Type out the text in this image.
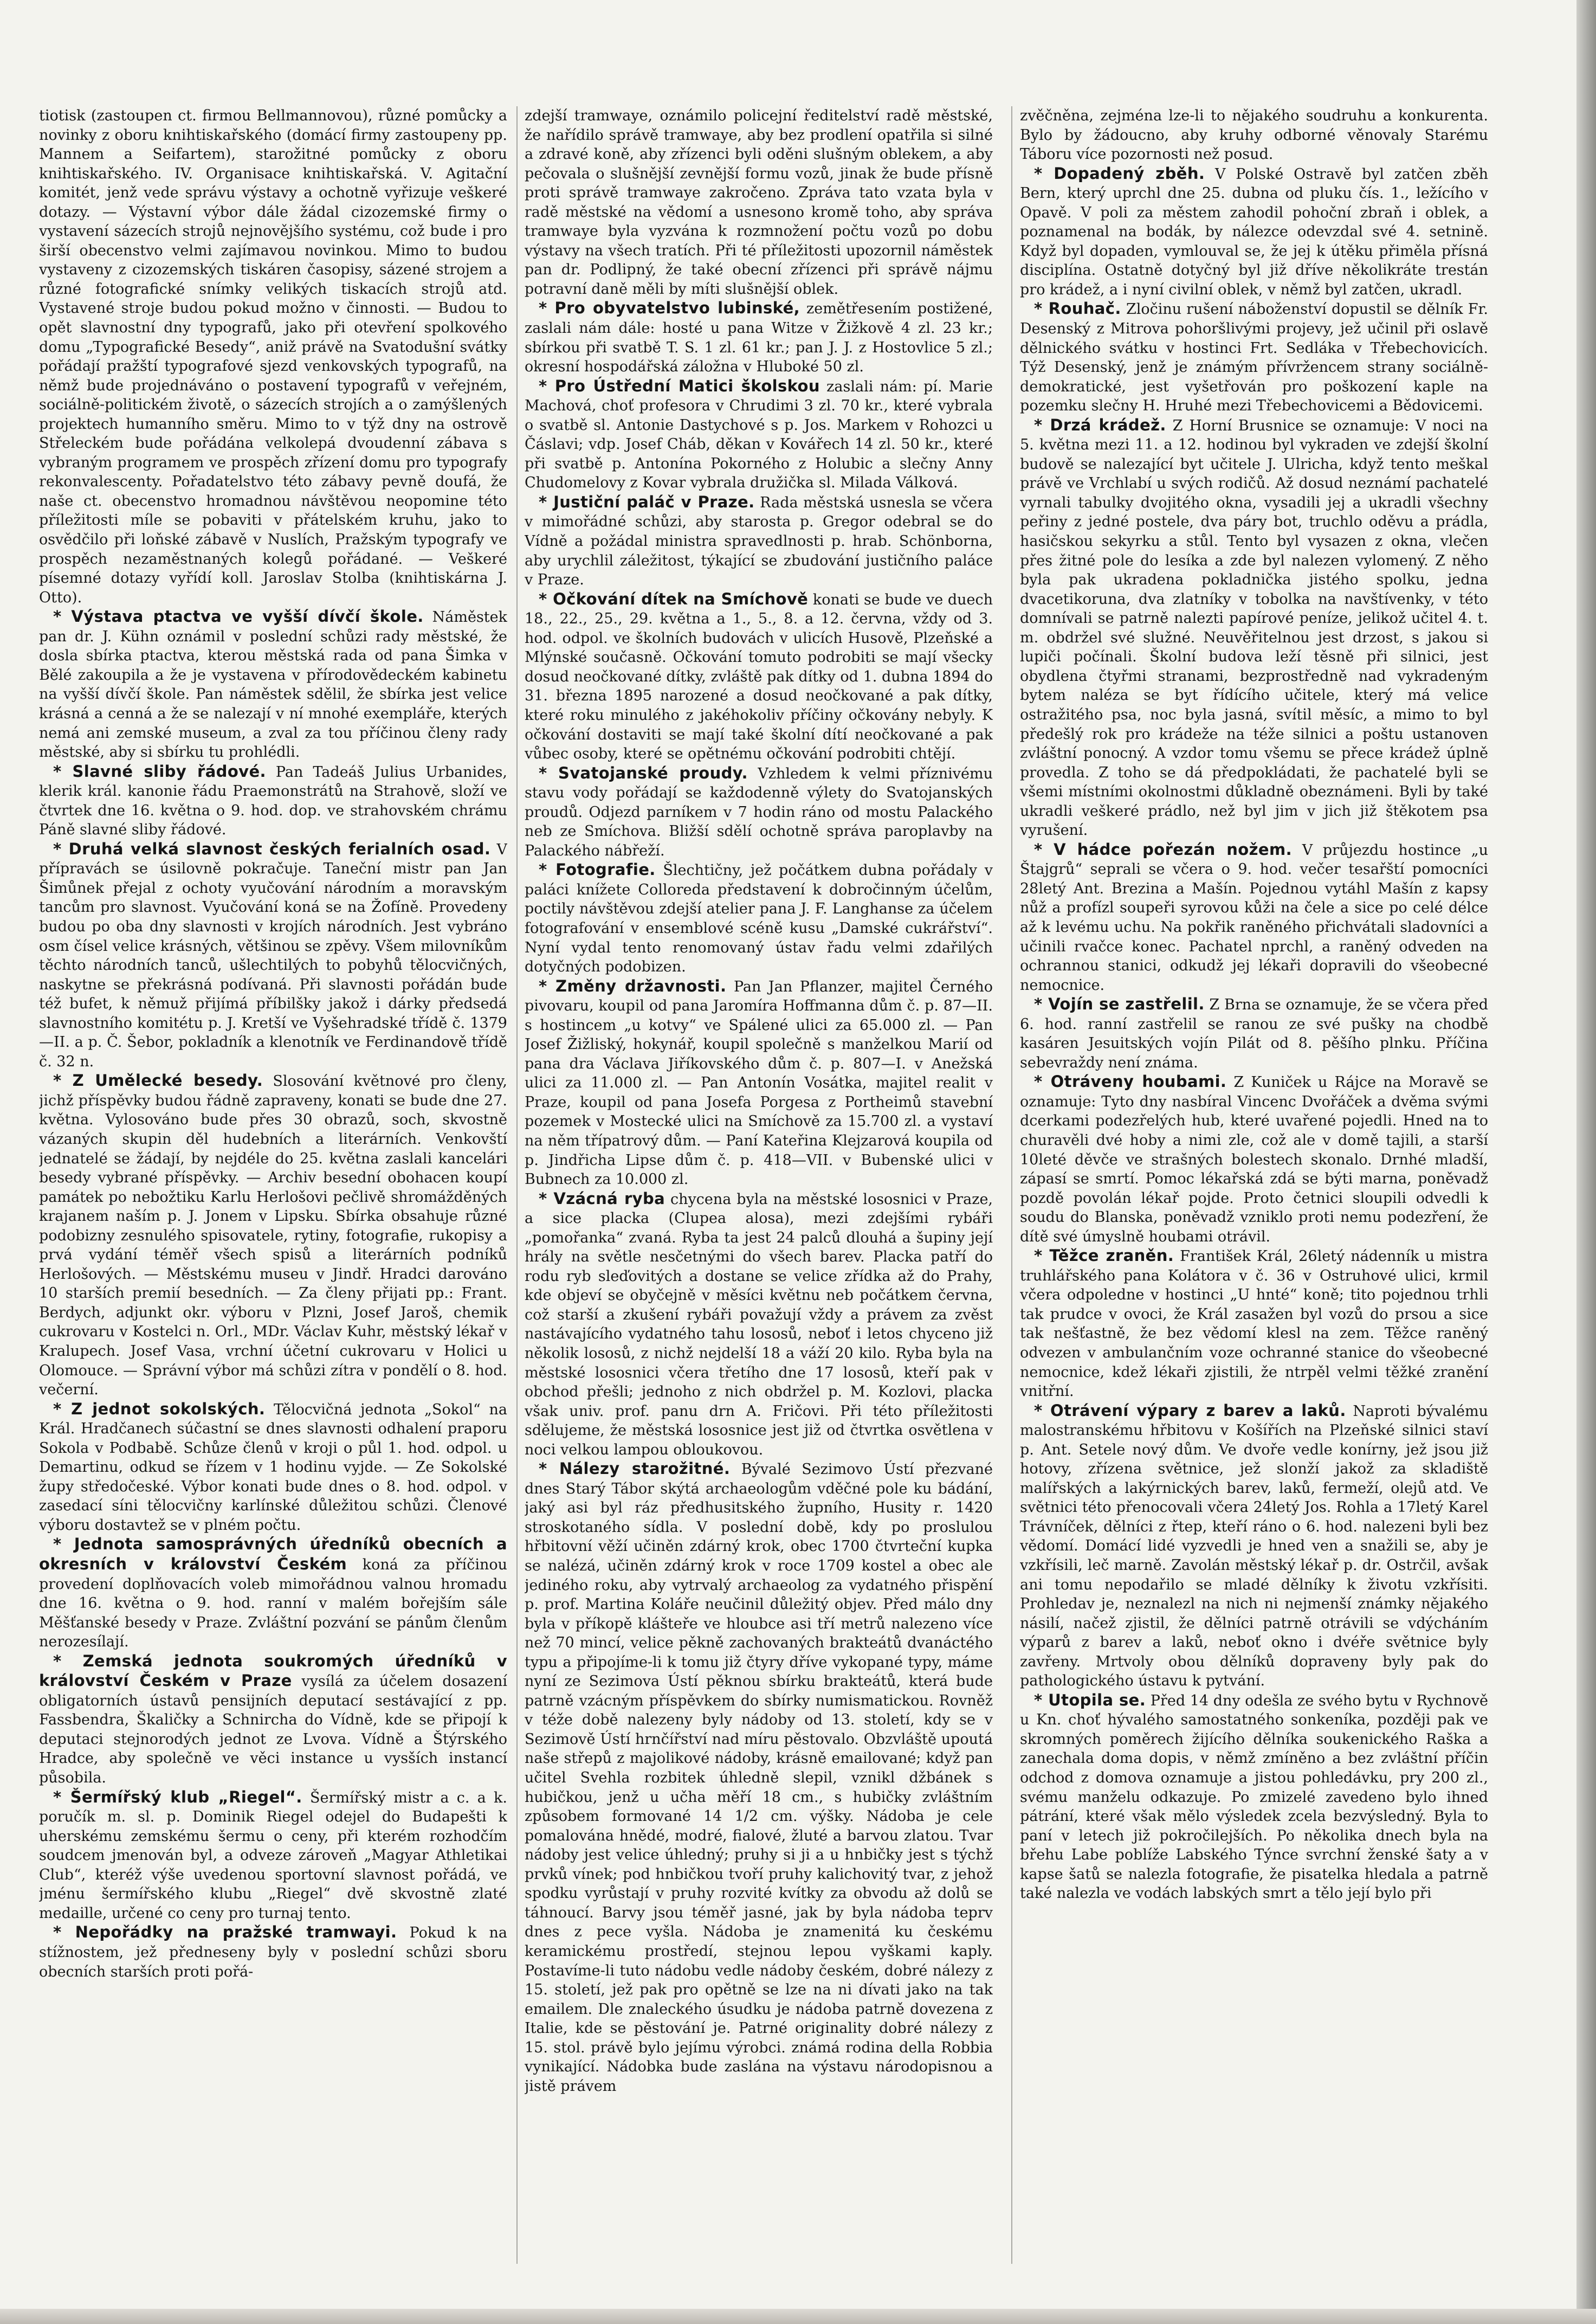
tiotisk (zastoupen ct. firmou Bellmannovou), různé pomůcky a novinky z oboru knihtiskařského (domácí firmy zastoupeny pp. Mannem a Seifartem), starožitné pomůcky z oboru knihtiskařského. IV. Organisace knihtiskařská. V. Agitační komitét, jenž vede správu výstavy a ochotně vyřizuje veškeré dotazy. — Výstavní výbor dále žádal cizozemské firmy o vystavení sázecích strojů nejnovějšího systému, což bude i pro širší obecenstvo velmi zajímavou novinkou. Mimo to budou vystaveny z cizozemských tiskáren časopisy, sázené strojem a různé fotografické snímky velikých tiskacích strojů atd. Vystavené stroje budou pokud možno v činnosti. — Budou to opět slavnostní dny typografů, jako při otevření spolkového domu „Typografické Besedy“, aniž právě na Svatodušní svátky pořádají pražští typografové sjezd venkovských typografů, na němž bude projednáváno o postavení typografů v veřejném, sociálně-politickém životě, o sázecích strojích a o zamýšlených projektech humanního směru. Mimo to v týž dny na ostrově Střeleckém bude pořádána velkolepá dvoudenní zábava s vybraným programem ve prospěch zřízení domu pro typografy rekonvalescenty. Pořadatelstvo této zábavy pevně doufá, že naše ct. obecenstvo hromadnou návštěvou neopomine této příležitosti míle se pobaviti v přátelském kruhu, jako to osvědčilo při loňské zábavě v Nuslích, Pražským typografy ve prospěch nezaměstnaných kolegů pořádané. — Veškeré písemné dotazy vyřídí koll. Jaroslav Stolba (knihtiskárna J. Otto).

* Výstava ptactva ve vyšší dívčí škole. Náměstek pan dr. J. Kühn oznámil v poslední schůzi rady městské, že dosla sbírka ptactva, kterou městská rada od pana Šimka v Bělé zakoupila a že je vystavena v přírodovědeckém kabinetu na vyšší dívčí škole. Pan náměstek sdělil, že sbírka jest velice krásná a cenná a že se nalezají v ní mnohé exempláře, kterých nemá ani zemské museum, a zval za tou příčinou členy rady městské, aby si sbírku tu prohlédli.

* Slavné sliby řádové. Pan Tadeáš Julius Urbanides, klerik král. kanonie řádu Praemonstrátů na Strahově, složí ve čtvrtek dne 16. května o 9. hod. dop. ve strahovském chrámu Páně slavné sliby řádové.

* Druhá velká slavnost českých ferialních osad. V přípravách se úsilovně pokračuje. Taneční mistr pan Jan Šimůnek přejal z ochoty vyučování národním a moravským tancům pro slavnost. Vyučování koná se na Žofíně. Provedeny budou po oba dny slavnosti v krojích národních. Jest vybráno osm čísel velice krásných, většinou se zpěvy. Všem milovníkům těchto národních tanců, ušlechtilých to pobyhů tělocvičných, naskytne se překrásná podívaná. Při slavnosti pořádán bude též bufet, k němuž přijímá příbilšky jakož i dárky předsedá slavnostního komitétu p. J. Kretší ve Vyšehradské třídě č. 1379—II. a p. Č. Šebor, pokladník a klenotník ve Ferdinandově třídě č. 32 n.

* Z Umělecké besedy. Slosování květnové pro členy, jichž příspěvky budou řádně zapraveny, konati se bude dne 27. května. Vylosováno bude přes 30 obrazů, soch, skvostně vázaných skupin děl hudebních a literárních. Venkovští jednatelé se žádají, by nejdéle do 25. května zaslali kancelári besedy vybrané příspěvky. — Archiv besední obohacen koupí památek po nebožtiku Karlu Herlošovi pečlivě shromážděných krajanem naším p. J. Jonem v Lipsku. Sbírka obsahuje různé podobizny zesnulého spisovatele, rytiny, fotografie, rukopisy a prvá vydání téměř všech spisů a literárních podníků Herlošových. — Městskému museu v Jindř. Hradci darováno 10 starších premií besedních. — Za členy přijati pp.: Frant. Berdych, adjunkt okr. výboru v Plzni, Josef Jaroš, chemik cukrovaru v Kostelci n. Orl., MDr. Václav Kuhr, městský lékař v Kralupech. Josef Vasa, vrchní účetní cukrovaru v Holici u Olomouce. — Správní výbor má schůzi zítra v pondělí o 8. hod. večerní.

* Z jednot sokolských. Tělocvičná jednota „Sokol“ na Král. Hradčanech súčastní se dnes slavnosti odhalení praporu Sokola v Podbabě. Schůze členů v kroji o půl 1. hod. odpol. u Demartinu, odkud se řízem v 1 hodinu vyjde. — Ze Sokolské župy středočeské. Výbor konati bude dnes o 8. hod. odpol. v zasedací síni tělocvičny karlínské důležitou schůzi. Členové výboru dostavtež se v plném počtu.

* Jednota samosprávných úředníků obecních a okresních v království Českém koná za příčinou provedení doplňovacích voleb mimořádnou valnou hromadu dne 16. května o 9. hod. ranní v malém bořejším sále Měšťanské besedy v Praze. Zvláštní pozvání se pánům členům nerozesílají.

* Zemská jednota soukromých úředníků v království Českém v Praze vysílá za účelem dosazení obligatorních ústavů pensijních deputací sestávající z pp. Fassbendra, Škaličky a Schnircha do Vídně, kde se připojí k deputaci stejnorodých jednot ze Lvova. Vídně a Štýrského Hradce, aby společně ve věci instance u vysších instancí působila.

* Šermířský klub „Riegel“. Šermířský mistr a c. a k. poručík m. sl. p. Dominik Riegel odejel do Budapešti k uherskému zemskému šermu o ceny, při kterém rozhodčím soudcem jmenován byl, a odveze zároveň „Magyar Athletikai Club“, kteréž výše uvedenou sportovní slavnost pořádá, ve jménu šermířského klubu „Riegel“ dvě skvostně zlaté medaille, určené co ceny pro turnaj tento.

* Nepořádky na pražské tramwayi. Pokud k na stížnostem, jež předneseny byly v poslední schůzi sboru obecních starších proti pořá-

zdejší tramwaye, oznámilo policejní ředitelství radě městské, že nařídilo správě tramwaye, aby bez prodlení opatřila si silné a zdravé koně, aby zřízenci byli oděni slušným oblekem, a aby pečovala o slušnější zevnější formu vozů, jinak že bude přísně proti správě tramwaye zakročeno. Zpráva tato vzata byla v radě městské na vědomí a usnesono kromě toho, aby správa tramwaye byla vyzvána k rozmnožení počtu vozů po dobu výstavy na všech tratích. Při té příležitosti upozornil náměstek pan dr. Podlipný, že také obecní zřízenci při správě nájmu potravní daně měli by míti slušnější oblek.

* Pro obyvatelstvo lubinské, zemětřesením postižené, zaslali nám dále: hosté u pana Witze v Žižkově 4 zl. 23 kr.; sbírkou při svatbě T. S. 1 zl. 61 kr.; pan J. J. z Hostovlice 5 zl.; okresní hospodářská záložna v Hluboké 50 zl.

* Pro Ústřední Matici školskou zaslali nám: pí. Marie Machová, choť profesora v Chrudimi 3 zl. 70 kr., které vybrala o svatbě sl. Antonie Dastychové s p. Jos. Markem v Rohozci u Čáslavi; vdp. Josef Cháb, děkan v Kovářech 14 zl. 50 kr., které při svatbě p. Antonína Pokorného z Holubic a slečny Anny Chudomelovy z Kovar vybrala družička sl. Milada Válková.

* Justiční paláč v Praze. Rada městská usnesla se včera v mimořádné schůzi, aby starosta p. Gregor odebral se do Vídně a požádal ministra spravedlnosti p. hrab. Schönborna, aby urychlil záležitost, týkající se zbudování justičního paláce v Praze.

* Očkování dítek na Smíchově konati se bude ve duech 18., 22., 25., 29. května a 1., 5., 8. a 12. června, vždy od 3. hod. odpol. ve školních budovách v ulicích Husově, Plzeňské a Mlýnské současně. Očkování tomuto podrobiti se mají všecky dosud neočkované dítky, zvláště pak dítky od 1. dubna 1894 do 31. března 1895 narozené a dosud neočkované a pak dítky, které roku minulého z jakéhokoliv příčiny očkovány nebyly. K očkování dostaviti se mají také školní dítí neočkované a pak vůbec osoby, které se opětnému očkování podrobiti chtějí.

* Svatojanské proudy. Vzhledem k velmi příznivému stavu vody pořádají se každodenně výlety do Svatojanských proudů. Odjezd parníkem v 7 hodin ráno od mostu Palackého neb ze Smíchova. Bližší sdělí ochotně správa paroplavby na Palackého nábřeží.

* Fotografie. Šlechtičny, jež počátkem dubna pořádaly v paláci knížete Colloreda představení k dobročinným účelům, poctily návštěvou zdejší atelier pana J. F. Langhanse za účelem fotografování v ensemblové scéně kusu „Damské cukrářství“. Nyní vydal tento renomovaný ústav řadu velmi zdařilých dotyčných podobizen.

* Změny državnosti. Pan Jan Pflanzer, majitel Černého pivovaru, koupil od pana Jaromíra Hoffmanna dům č. p. 87—II. s hostincem „u kotvy“ ve Spálené ulici za 65.000 zl. — Pan Josef Žižliský, hokynář, koupil společně s manželkou Marií od pana dra Václava Jiříkovského dům č. p. 807—I. v Anežská ulici za 11.000 zl. — Pan Antonín Vosátka, majitel realit v Praze, koupil od pana Josefa Porgesa z Portheimů stavební pozemek v Mostecké ulici na Smíchově za 15.700 zl. a vystaví na něm třípatrový dům. — Paní Kateřina Klejzarová koupila od p. Jindřicha Lipse dům č. p. 418—VII. v Bubenské ulici v Bubnech za 10.000 zl.

* Vzácná ryba chycena byla na městské lososnici v Praze, a sice placka (Clupea alosa), mezi zdejšími rybáři „pomořanka“ zvaná. Ryba ta jest 24 palců dlouhá a šupiny její hrály na světle nesčetnými do všech barev. Placka patří do rodu ryb sleďovitých a dostane se velice zřídka až do Prahy, kde objeví se obyčejně v měsíci květnu neb počátkem června, což starší a zkušení rybáři považují vždy a právem za zvěst nastávajícího vydatného tahu lososů, neboť i letos chyceno již několik lososů, z nichž nejdelší 18 a váží 20 kilo. Ryba byla na městské lososnici včera třetího dne 17 lososů, kteří pak v obchod přešli; jednoho z nich obdržel p. M. Kozlovi, placka však univ. prof. panu drn A. Fričovi. Při této příležitosti sdělujeme, že městská lososnice jest již od čtvrtka osvětlena v noci velkou lampou obloukovou.

* Nálezy starožitné. Bývalé Sezimovo Ústí přezvané dnes Starý Tábor skýtá archaeologům vděčné pole ku bádání, jaký asi byl ráz předhusitského župního, Husity r. 1420 stroskotaného sídla. V poslední době, kdy po proslulou hřbitovní věží učiněn zdárný krok, obec 1700 čtvrteční kupka se nalézá, učiněn zdárný krok v roce 1709 kostel a obec ale jediného roku, aby vytrvalý archaeolog za vydatného přispění p. prof. Martina Koláře neučinil důležitý objev. Před málo dny byla v příkopě klášteře ve hloubce asi tří metrů nalezeno více než 70 mincí, velice pěkně zachovaných brakteátů dvanáctého typu a připojíme-li k tomu již čtyry dříve vykopané typy, máme nyní ze Sezimova Ústí pěknou sbírku brakteátů, která bude patrně vzácným příspěvkem do sbírky numismatickou. Rovněž v téže době nalezeny byly nádoby od 13. století, kdy se v Sezimově Ústí hrnčířství nad míru pěstovalo. Obzvláště upoutá naše střepů z majolikové nádoby, krásně emailované; když pan učitel Svehla rozbitek úhledně slepil, vznikl džbánek s hubičkou, jenž u učha měří 18 cm., s hubičky zvláštním způsobem formované 14 1/2 cm. výšky. Nádoba je cele pomalována hnědé, modré, fialové, žluté a barvou zlatou. Tvar nádoby jest velice úhledný; pruhy si ji a u hnbičky jest s týchž prvků vínek; pod hnbičkou tvoří pruhy kalichovitý tvar, z jehož spodku vyrůstají v pruhy rozvité kvítky za obvodu až dolů se táhnoucí. Barvy jsou téměř jasné, jak by byla nádoba teprv dnes z pece vyšla. Nádoba je znamenitá ku českému keramickému prostředí, stejnou lepou vyškami kaply. Postavíme-li tuto nádobu vedle nádoby českém, dobré nálezy z 15. století, jež pak pro opětně se lze na ni dívati jako na tak emailem. Dle znaleckého úsudku je nádoba patrně dovezena z Italie, kde se pěstování je. Patrné originality dobré nálezy z 15. stol. právě bylo jejímu výrobci. známá rodina della Robbia vynikající. Nádobka bude zaslána na výstavu národopisnou a jistě právem

zvěčněna, zejména lze-li to nějakého soudruhu a konkurenta. Bylo by žádoucno, aby kruhy odborné věnovaly Starému Táboru více pozornosti než posud.

* Dopadený zběh. V Polské Ostravě byl zatčen zběh Bern, který uprchl dne 25. dubna od pluku čís. 1., ležícího v Opavě. V poli za městem zahodil pohoční zbraň i oblek, a poznamenal na bodák, by nálezce odevzdal své 4. setnině. Když byl dopaden, vymlouval se, že jej k útěku přiměla přísná disciplína. Ostatně dotyčný byl již dříve několikráte trestán pro krádež, a i nyní civilní oblek, v němž byl zatčen, ukradl.

* Rouhač. Zločinu rušení náboženství dopustil se dělník Fr. Desenský z Mitrova pohoršlivými projevy, jež učinil při oslavě dělnického svátku v hostinci Frt. Sedláka v Třebechovicích. Týž Desenský, jenž je známým přívržencem strany sociálně-demokratické, jest vyšetřován pro poškození kaple na pozemku slečny H. Hruhé mezi Třebechovicemi a Bědovicemi.

* Drzá krádež. Z Horní Brusnice se oznamuje: V noci na 5. května mezi 11. a 12. hodinou byl vykraden ve zdejší školní budově se nalezající byt učitele J. Ulricha, když tento meškal právě ve Vrchlabí u svých rodičů. Až dosud neznámí pachatelé vyrnali tabulky dvojitého okna, vysadili jej a ukradli všechny peřiny z jedné postele, dva páry bot, truchlo oděvu a prádla, hasičskou sekyrku a stůl. Tento byl vysazen z okna, vlečen přes žitné pole do lesíka a zde byl nalezen vylomený. Z něho byla pak ukradena pokladnička jistého spolku, jedna dvacetikoruna, dva zlatníky v tobolka na navštívenky, v této domnívali se patrně nalezti papírové peníze, jelikož učitel 4. t. m. obdržel své služné. Neuvěřitelnou jest drzost, s jakou si lupiči počínali. Školní budova leží těsně při silnici, jest obydlena čtyřmi stranami, bezprostředně nad vykradeným bytem naléza se byt řídícího učitele, který má velice ostražitého psa, noc byla jasná, svítil měsíc, a mimo to byl předešlý rok pro krádeže na téže silnici a poštu ustanoven zvláštní ponocný. A vzdor tomu všemu se přece krádež úplně provedla. Z toho se dá předpokládati, že pachatelé byli se všemi místními okolnostmi důkladně obeznámeni. Byli by také ukradli veškeré prádlo, než byl jim v jich již štěkotem psa vyrušení.

* V hádce pořezán nožem. V průjezdu hostince „u Štajgrů“ seprali se včera o 9. hod. večer tesařští pomocníci 28letý Ant. Brezina a Mašín. Pojednou vytáhl Mašín z kapsy nůž a profízl soupeři syrovou kůži na čele a sice po celé délce až k levému uchu. Na pokřik raněného přichvátali sladovníci a učinili rvačce konec. Pachatel nprchl, a raněný odveden na ochrannou stanici, odkudž jej lékaři dopravili do všeobecné nemocnice.

* Vojín se zastřelil. Z Brna se oznamuje, že se včera před 6. hod. ranní zastřelil se ranou ze své pušky na chodbě kasáren Jesuitských vojín Pilát od 8. pěšího plnku. Příčina sebevraždy není známa.

* Otráveny houbami. Z Kuniček u Rájce na Moravě se oznamuje: Tyto dny nasbíral Vincenc Dvořáček a dvěma svými dcerkami podezřelých hub, které uvařené pojedli. Hned na to churavěli dvé hoby a nimi zle, což ale v domě tajili, a starší 10leté děvče ve strašných bolestech skonalo. Drnhé mladší, zápasí se smrtí. Pomoc lékařská zdá se býti marna, poněvadž pozdě povolán lékař pojde. Proto četnici sloupili odvedli k soudu do Blanska, poněvadž vzniklo proti nemu podezření, že dítě své úmyslně houbami otrávil.

* Těžce zraněn. František Král, 26letý nádenník u mistra truhlářského pana Kolátora v č. 36 v Ostruhové ulici, krmil včera odpoledne v hostinci „U hnté“ koně; tito pojednou trhli tak prudce v ovoci, že Král zasažen byl vozů do prsou a sice tak nešťastně, že bez vědomí klesl na zem. Těžce raněný odvezen v ambulančním voze ochranné stanice do všeobecné nemocnice, kdež lékaři zjistili, že ntrpěl velmi těžké zranění vnitřní.

* Otrávení výpary z barev a laků. Naproti bývalému malostranskému hřbitovu v Košířích na Plzeňské silnici staví p. Ant. Setele nový dům. Ve dvoře vedle konírny, jež jsou již hotovy, zřízena světnice, jež slonží jakož za skladiště malířských a lakýrnických barev, laků, fermeží, olejů atd. Ve světnici této přenocovali včera 24letý Jos. Rohla a 17letý Karel Trávníček, dělníci z řtep, kteří ráno o 6. hod. nalezeni byli bez vědomí. Domácí lidé vyzvedli je hned ven a snažili se, aby je vzkřísili, leč marně. Zavolán městský lékař p. dr. Ostrčil, avšak ani tomu nepodařilo se mladé dělníky k životu vzkřísiti. Prohledav je, neznalezl na nich ni nejmenší známky nějakého násilí, načež zjistil, že dělníci patrně otrávili se vdýcháním výparů z barev a laků, neboť okno i dvéře světnice byly zavřeny. Mrtvoly obou dělníků dopraveny byly pak do pathologického ústavu k pytvání.

* Utopila se. Před 14 dny odešla ze svého bytu v Rychnově u Kn. choť hývalého samostatného sonkeníka, později pak ve skromných poměrech žijícího dělníka soukenického Raška a zanechala doma dopis, v němž zmíněno a bez zvláštní příčin odchod z domova oznamuje a jistou pohledávku, pry 200 zl., svému manželu odkazuje. Po zmizelé zavedeno bylo ihned pátrání, které však mělo výsledek zcela bezvýsledný. Byla to paní v letech již pokročilejších. Po několika dnech byla na břehu Labe poblíže Labského Týnce svrchní ženské šaty a v kapse šatů se nalezla fotografie, že pisatelka hledala a patrně také nalezla ve vodách labských smrt a tělo její bylo při
